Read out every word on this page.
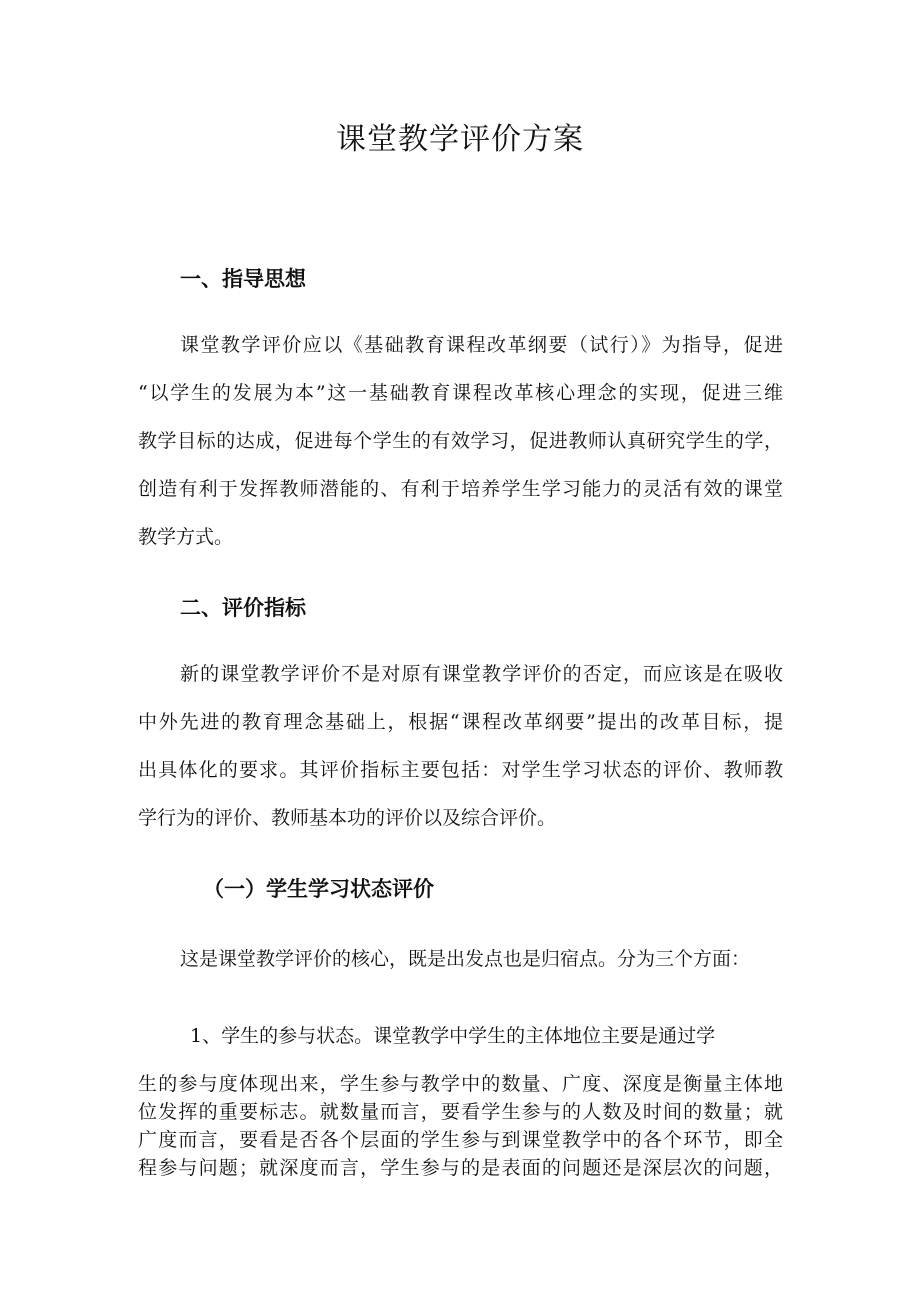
课堂教学评价方案
一、指导思想

课堂教学评价应以《基础教育课程改革纲要（试行）》为指导，促进

“以学生的发展为本”这一基础教育课程改革核心理念的实现，促进三维

教学目标的达成，促进每个学生的有效学习，促进教师认真研究学生的学，

创造有利于发挥教师潜能的、有利于培养学生学习能力的灵活有效的课堂

教学方式。

二、评价指标

新的课堂教学评价不是对原有课堂教学评价的否定，而应该是在吸收

中外先进的教育理念基础上，根据“课程改革纲要”提出的改革目标，提

出具体化的要求。其评价指标主要包括：对学生学习状态的评价、教师教

学行为的评价、教师基本功的评价以及综合评价。

（一）学生学习状态评价

这是课堂教学评价的核心，既是出发点也是归宿点。分为三个方面：

1、学生的参与状态。课堂教学中学生的主体地位主要是通过学

生的参与度体现出来，学生参与教学中的数量、广度、深度是衡量主体地

位发挥的重要标志。就数量而言，要看学生参与的人数及时间的数量；就

广度而言，要看是否各个层面的学生参与到课堂教学中的各个环节，即全

程参与问题；就深度而言，学生参与的是表面的问题还是深层次的问题，
